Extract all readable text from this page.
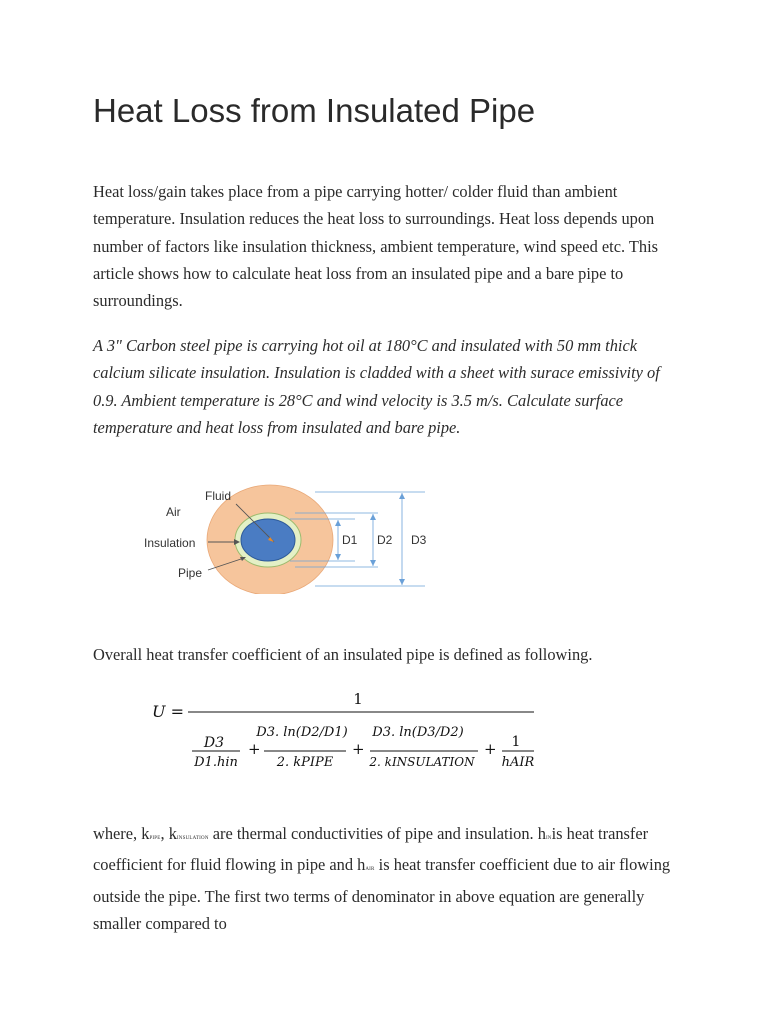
Heat Loss from Insulated Pipe

Heat loss/gain takes place from a pipe carrying hotter/ colder fluid than ambient temperature. Insulation reduces the heat loss to surroundings. Heat loss depends upon number of factors like insulation thickness, ambient temperature, wind speed etc. This article shows how to calculate heat loss from an insulated pipe and a bare pipe to surroundings.

A 3" Carbon steel pipe is carrying hot oil at 180°C and insulated with 50 mm thick calcium silicate insulation. Insulation is cladded with a sheet with surace emissivity of 0.9. Ambient temperature is 28°C and wind velocity is 3.5 m/s. Calculate surface temperature and heat loss from insulated and bare pipe.

Overall heat transfer coefficient of an insulated pipe is defined as following.

where, kpipe, kinsulation are thermal conductivities of pipe and insulation. hinis heat transfer coefficient for fluid flowing in pipe and hair is heat transfer coefficient due to air flowing outside the pipe. The first two terms of denominator in above equation are generally smaller compared to

Fluid
Air
Insulation
Pipe
D1 D2 D3
U =
1
D3
D1.hin
+
D3. ln(D2/D1)
2. kPIPE
+
D3. ln(D3/D2)
2. kINSULATION
+ 1
hAIR
